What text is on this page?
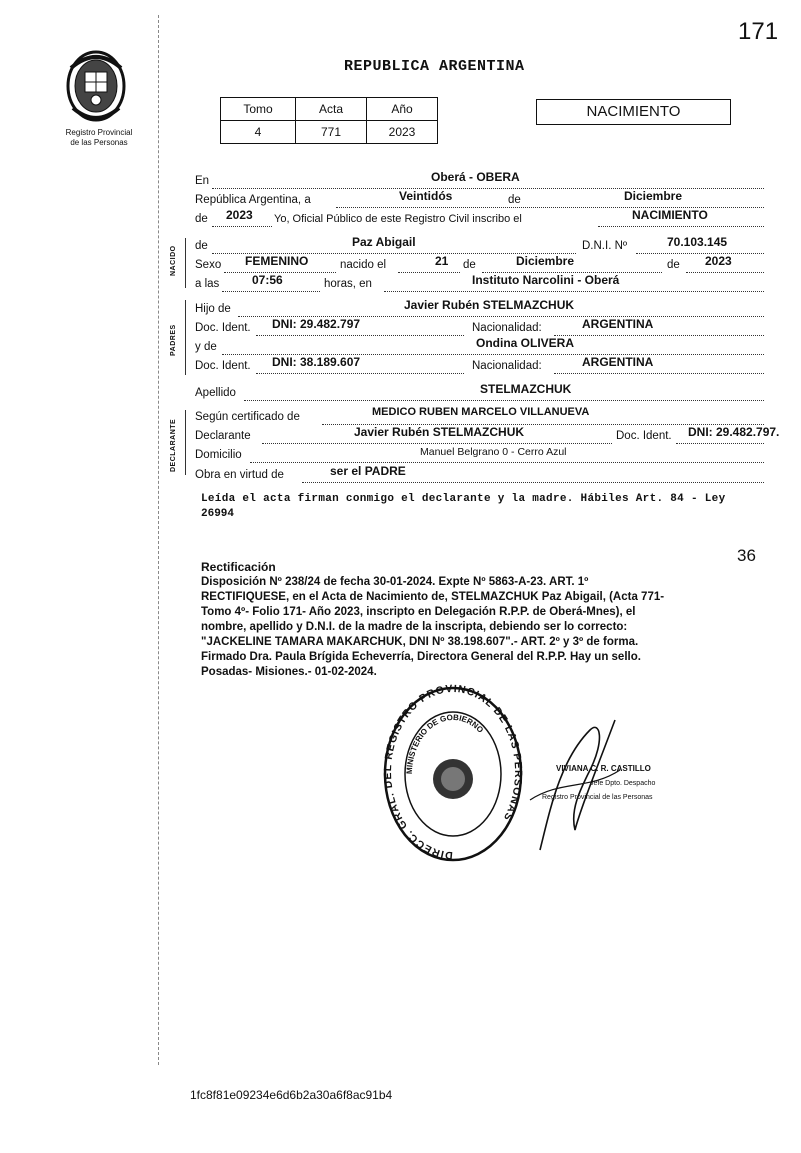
171
Registro Provincial
de las Personas
REPUBLICA ARGENTINA
Tomo	Acta	Año
4	771	2023
NACIMIENTO
NACIDO
PADRES
DECLARANTE
En	Oberá - OBERA
República Argentina, a	Veintidós	de	Diciembre
de 2023 Yo, Oficial Público de este Registro Civil inscribo el	NACIMIENTO
de	Paz Abigail	D.N.I. Nº	70.103.145
Sexo FEMENINO	nacido el	21 de	Diciembre	de 2023
a las	07:56	horas, en	Instituto Narcolini - Oberá
Hijo de	Javier Rubén STELMAZCHUK
Doc. Ident. DNI: 29.482.797	Nacionalidad:	ARGENTINA
y de	Ondina OLIVERA
Doc. Ident. DNI: 38.189.607	Nacionalidad:	ARGENTINA
Apellido	STELMAZCHUK
Según certificado de	MEDICO RUBEN MARCELO VILLANUEVA
Declarante	Javier Rubén STELMAZCHUK	Doc. Ident. DNI: 29.482.797.
Domicilio	Manuel Belgrano 0 - Cerro Azul
Obra en virtud de	ser el PADRE
Leída el acta firman conmigo el declarante y la madre. Hábiles Art. 84 - Ley
26994
36
Rectificación
Disposición Nº 238/24 de fecha 30-01-2024. Expte Nº 5863-A-23. ART. 1º
RECTIFIQUESE, en el Acta de Nacimiento de, STELMAZCHUK Paz Abigail, (Acta 771-
Tomo 4º- Folio 171- Año 2023, inscripto en Delegación R.P.P. de Oberá-Mnes), el
nombre, apellido y D.N.I. de la madre de la inscripta, debiendo ser lo correcto:
"JACKELINE TAMARA MAKARCHUK, DNI Nº 38.198.607".- ART. 2º y 3º de forma.
Firmado Dra. Paula Brígida Echeverría, Directora General del R.P.P. Hay un sello.
Posadas- Misiones.- 01-02-2024.
DIRECC. GRAL. DEL REGISTRO PROVINCIAL DE LAS PERSONAS
MINISTERIO DE GOBIERNO
VIVIANA C. R. CASTILLO
Jefe Dpto. Despacho
Registro Provincial de las Personas
1fc8f81e09234e6d6b2a30a6f8ac91b4
